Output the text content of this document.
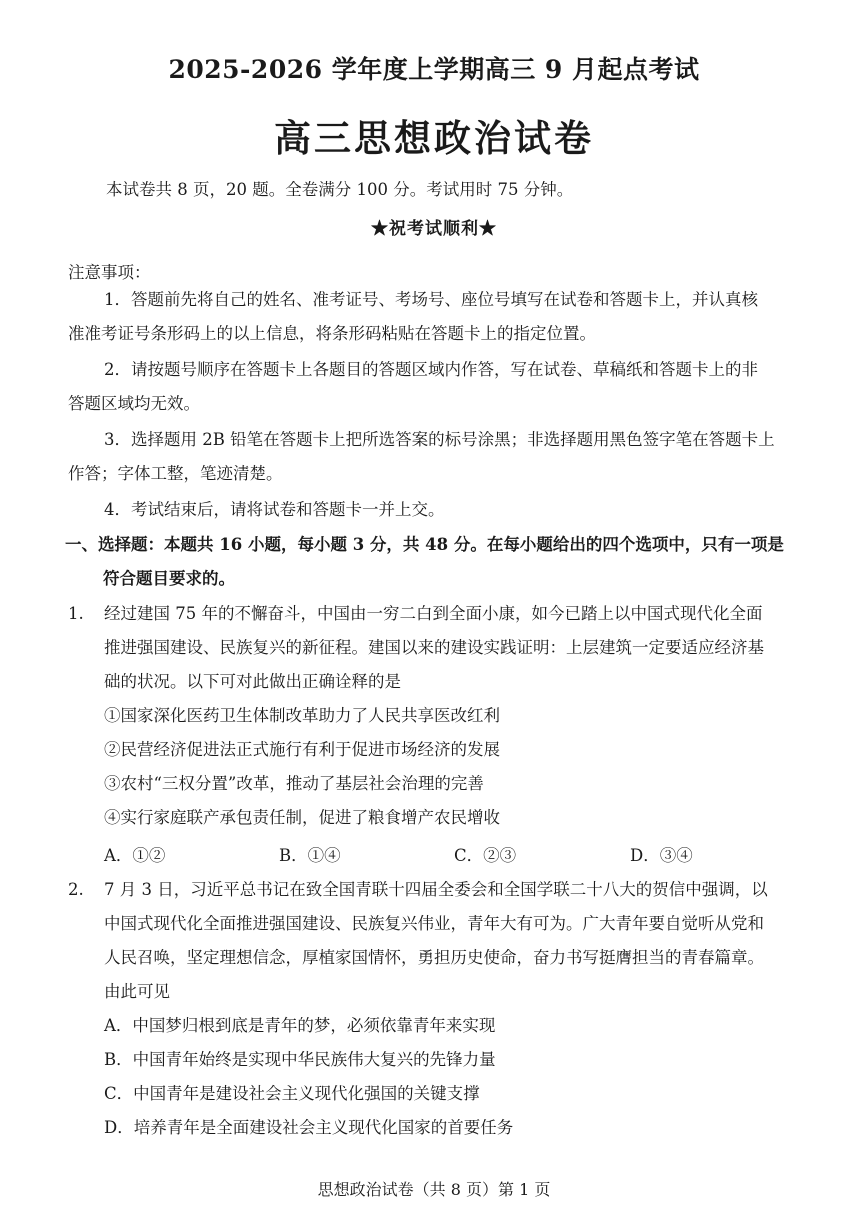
2025-2026 学年度上学期高三 9 月起点考试
高三思想政治试卷
本试卷共 8 页，20 题。全卷满分 100 分。考试用时 75 分钟。
★祝考试顺利★
注意事项：
1．答题前先将自己的姓名、准考证号、考场号、座位号填写在试卷和答题卡上，并认真核
准准考证号条形码上的以上信息，将条形码粘贴在答题卡上的指定位置。
2．请按题号顺序在答题卡上各题目的答题区域内作答，写在试卷、草稿纸和答题卡上的非
答题区域均无效。
3．选择题用 2B 铅笔在答题卡上把所选答案的标号涂黑；非选择题用黑色签字笔在答题卡上
作答；字体工整，笔迹清楚。
4．考试结束后，请将试卷和答题卡一并上交。
一、选择题：本题共 16 小题，每小题 3 分，共 48 分。在每小题给出的四个选项中，只有一项是
符合题目要求的。
1. 经过建国 75 年的不懈奋斗，中国由一穷二白到全面小康，如今已踏上以中国式现代化全面
推进强国建设、民族复兴的新征程。建国以来的建设实践证明：上层建筑一定要适应经济基
础的状况。以下可对此做出正确诠释的是
①国家深化医药卫生体制改革助力了人民共享医改红利
②民营经济促进法正式施行有利于促进市场经济的发展
③农村“三权分置”改革，推动了基层社会治理的完善
④实行家庭联产承包责任制，促进了粮食增产农民增收
A．①②	B．①④	C．②③	D．③④
2. 7 月 3 日，习近平总书记在致全国青联十四届全委会和全国学联二十八大的贺信中强调，以
中国式现代化全面推进强国建设、民族复兴伟业，青年大有可为。广大青年要自觉听从党和
人民召唤，坚定理想信念，厚植家国情怀，勇担历史使命，奋力书写挺膺担当的青春篇章。
由此可见
A．中国梦归根到底是青年的梦，必须依靠青年来实现
B．中国青年始终是实现中华民族伟大复兴的先锋力量
C．中国青年是建设社会主义现代化强国的关键支撑
D．培养青年是全面建设社会主义现代化国家的首要任务
思想政治试卷（共 8 页）第 1 页
